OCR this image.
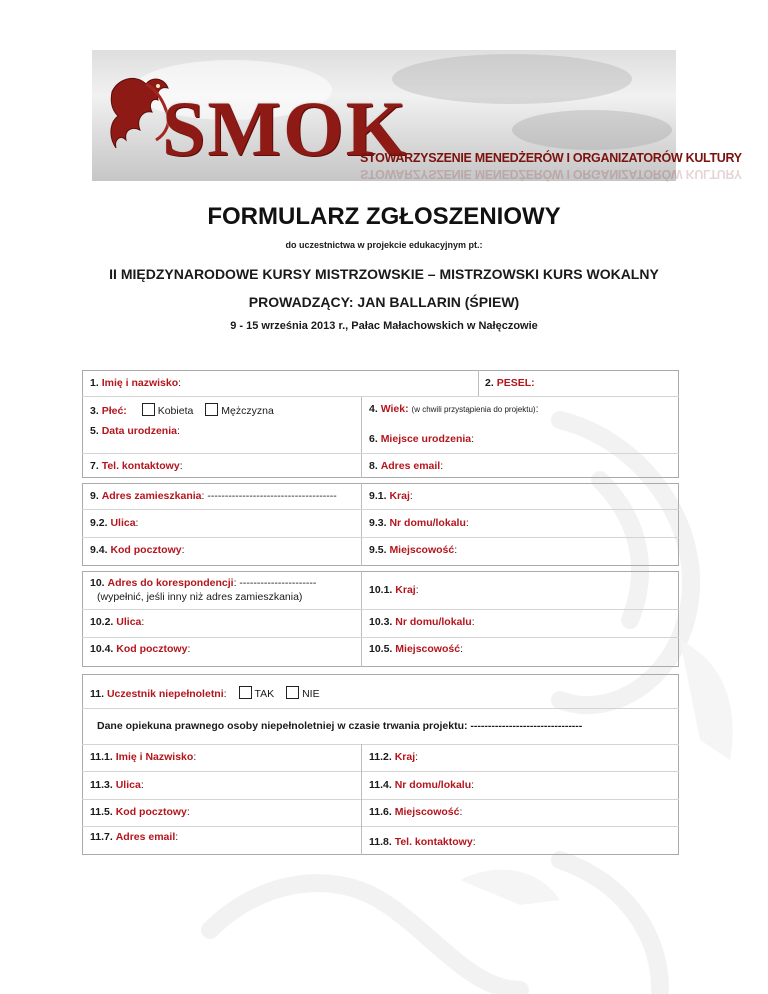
SMOK
STOWARZYSZENIE MENEDŻERÓW I ORGANIZATORÓW KULTURY
STOWARZYSZENIE MENEDŻERÓW I ORGANIZATORÓW KULTURY
FORMULARZ ZGŁOSZENIOWY
do uczestnictwa w projekcie edukacyjnym pt.:
II MIĘDZYNARODOWE KURSY MISTRZOWSKIE – MISTRZOWSKI KURS WOKALNY
PROWADZĄCY: JAN BALLARIN (ŚPIEW)
9 - 15 września 2013 r., Pałac Małachowskich w Nałęczowie
1. Imię i nazwisko:	2. PESEL:
3. Płeć:	Kobieta	Mężczyzna	4. Wiek: (w chwili przystąpienia do projektu):
5. Data urodzenia:
6. Miejsce urodzenia:
7. Tel. kontaktowy:	8. Adres email:
9. Adres zamieszkania: -------------------------------------	9.1. Kraj:
9.2. Ulica:	9.3. Nr domu/lokalu:
9.4. Kod pocztowy:	9.5. Miejscowość:
10. Adres do korespondencji: ----------------------
(wypełnić, jeśli inny niż adres zamieszkania)
10.1. Kraj:
10.2. Ulica:	10.3. Nr domu/lokalu:
10.4. Kod pocztowy:	10.5. Miejscowość:
11. Uczestnik niepełnoletni:	TAK	NIE
Dane opiekuna prawnego osoby niepełnoletniej w czasie trwania projektu: --------------------------------
11.1. Imię i Nazwisko:	11.2. Kraj:
11.3. Ulica:	11.4. Nr domu/lokalu:
11.5. Kod pocztowy:	11.6. Miejscowość:
11.7. Adres email:	11.8. Tel. kontaktowy:
